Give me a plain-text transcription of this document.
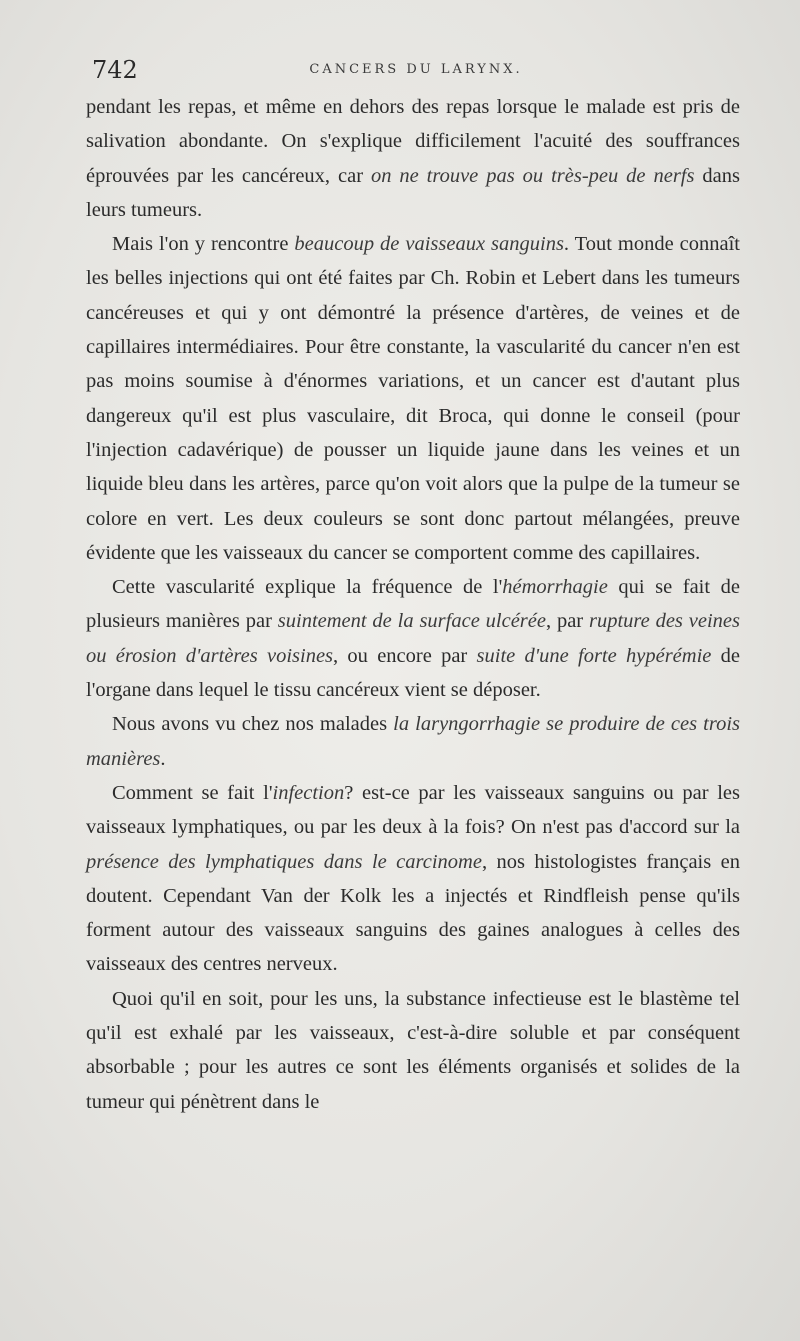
742	CANCERS DU LARYNX.

pendant les repas, et même en dehors des repas lorsque le malade est pris de salivation abondante. On s'explique difficilement l'acuité des souffrances éprouvées par les cancéreux, car on ne trouve pas ou très-peu de nerfs dans leurs tumeurs.

Mais l'on y rencontre beaucoup de vaisseaux sanguins. Tout monde connaît les belles injections qui ont été faites par Ch. Robin et Lebert dans les tumeurs cancéreuses et qui y ont démontré la présence d'artères, de veines et de capillaires intermédiaires. Pour être constante, la vascularité du cancer n'en est pas moins soumise à d'énormes variations, et un cancer est d'autant plus dangereux qu'il est plus vasculaire, dit Broca, qui donne le conseil (pour l'injection cadavérique) de pousser un liquide jaune dans les veines et un liquide bleu dans les artères, parce qu'on voit alors que la pulpe de la tumeur se colore en vert. Les deux couleurs se sont donc partout mélangées, preuve évidente que les vaisseaux du cancer se comportent comme des capillaires.

Cette vascularité explique la fréquence de l'hémorrhagie qui se fait de plusieurs manières par suintement de la surface ulcérée, par rupture des veines ou érosion d'artères voisines, ou encore par suite d'une forte hypérémie de l'organe dans lequel le tissu cancéreux vient se déposer.

Nous avons vu chez nos malades la laryngorrhagie se produire de ces trois manières.

Comment se fait l'infection? est-ce par les vaisseaux sanguins ou par les vaisseaux lymphatiques, ou par les deux à la fois? On n'est pas d'accord sur la présence des lymphatiques dans le carcinome, nos histologistes français en doutent. Cependant Van der Kolk les a injectés et Rindfleish pense qu'ils forment autour des vaisseaux sanguins des gaines analogues à celles des vaisseaux des centres nerveux.

Quoi qu'il en soit, pour les uns, la substance infectieuse est le blastème tel qu'il est exhalé par les vaisseaux, c'est-à-dire soluble et par conséquent absorbable ; pour les autres ce sont les éléments organisés et solides de la tumeur qui pénètrent dans le
